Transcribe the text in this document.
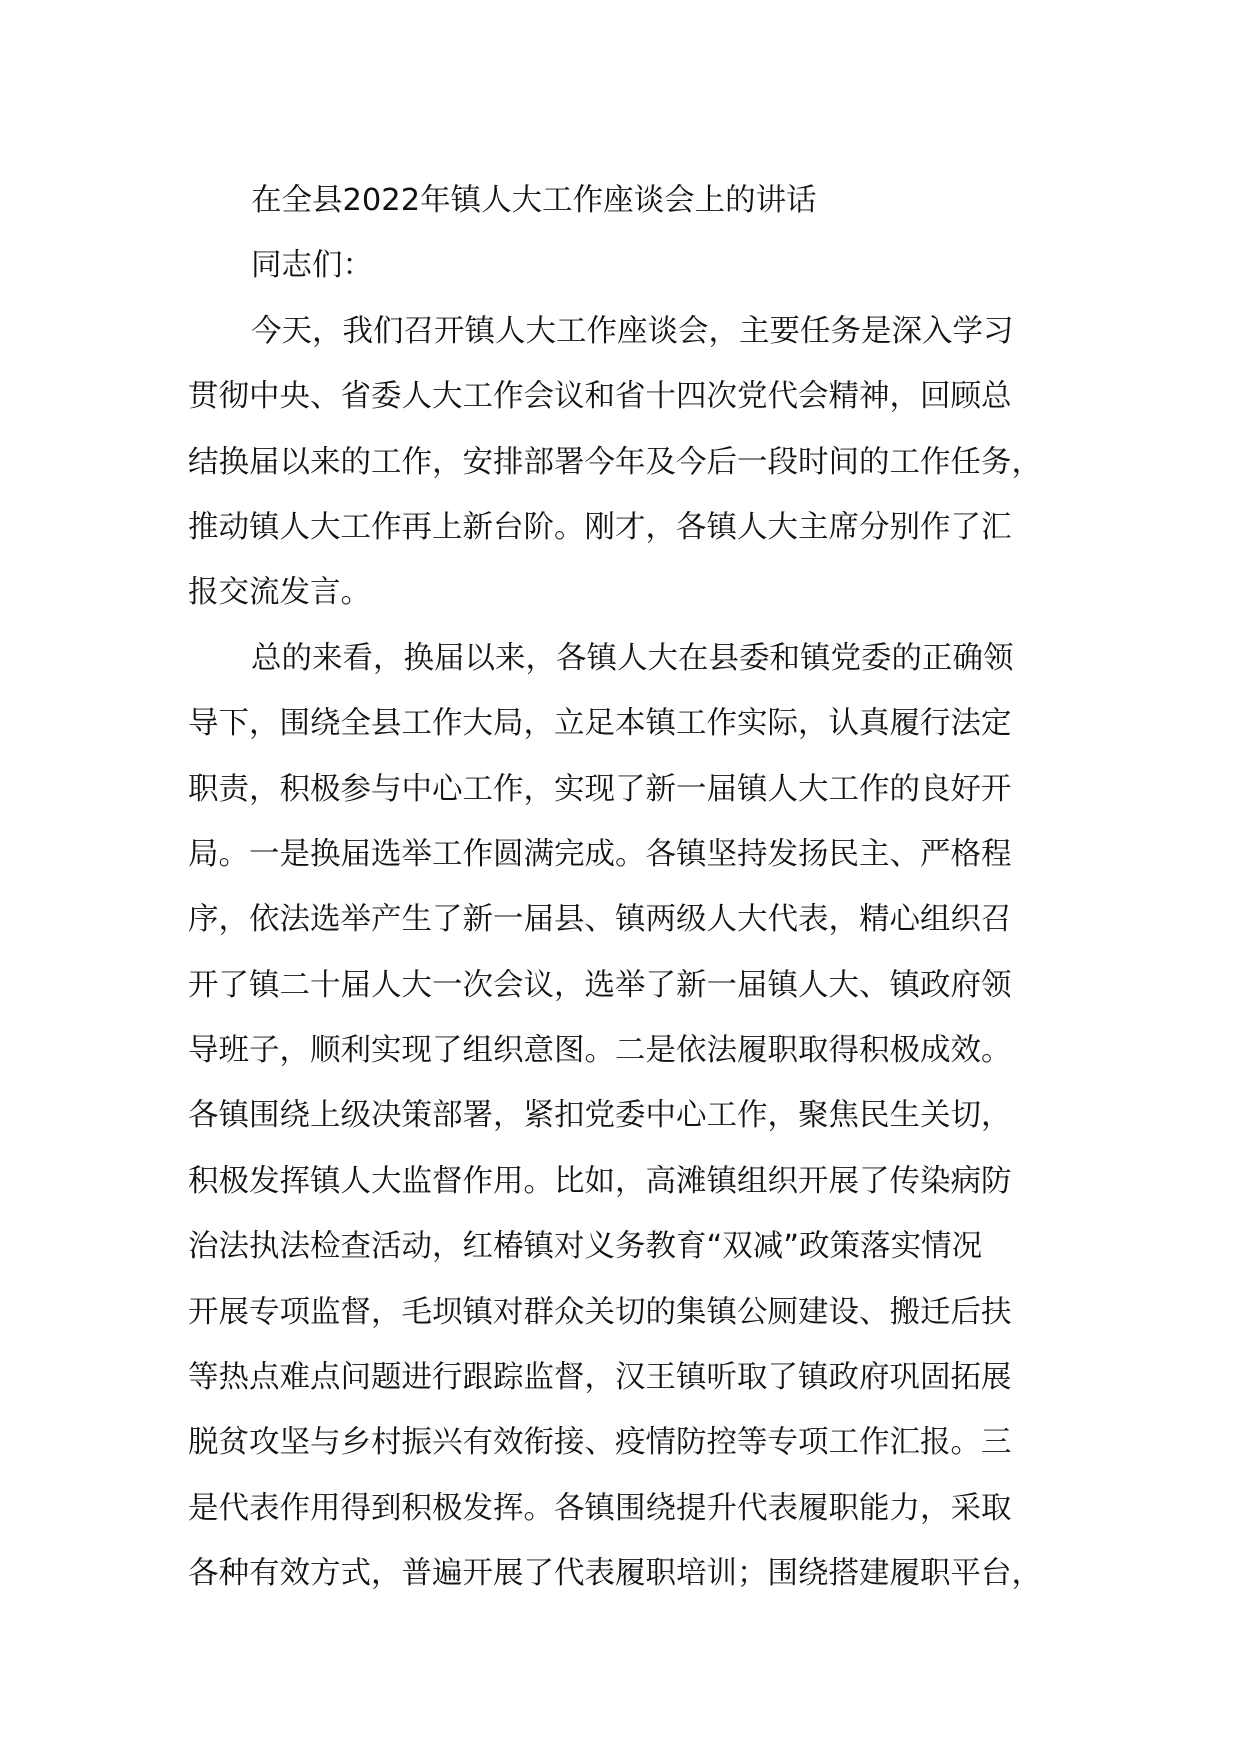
在全县2022年镇人大工作座谈会上的讲话
同志们：
今天，我们召开镇人大工作座谈会，主要任务是深入学习
贯彻中央、省委人大工作会议和省十四次党代会精神，回顾总
结换届以来的工作，安排部署今年及今后一段时间的工作任务，
推动镇人大工作再上新台阶。刚才，各镇人大主席分别作了汇
报交流发言。
总的来看，换届以来，各镇人大在县委和镇党委的正确领
导下，围绕全县工作大局，立足本镇工作实际，认真履行法定
职责，积极参与中心工作，实现了新一届镇人大工作的良好开
局。一是换届选举工作圆满完成。各镇坚持发扬民主、严格程
序，依法选举产生了新一届县、镇两级人大代表，精心组织召
开了镇二十届人大一次会议，选举了新一届镇人大、镇政府领
导班子，顺利实现了组织意图。二是依法履职取得积极成效。
各镇围绕上级决策部署，紧扣党委中心工作，聚焦民生关切，
积极发挥镇人大监督作用。比如，高滩镇组织开展了传染病防
治法执法检查活动，红椿镇对义务教育“双减”政策落实情况
开展专项监督，毛坝镇对群众关切的集镇公厕建设、搬迁后扶
等热点难点问题进行跟踪监督，汉王镇听取了镇政府巩固拓展
脱贫攻坚与乡村振兴有效衔接、疫情防控等专项工作汇报。三
是代表作用得到积极发挥。各镇围绕提升代表履职能力，采取
各种有效方式，普遍开展了代表履职培训；围绕搭建履职平台，
